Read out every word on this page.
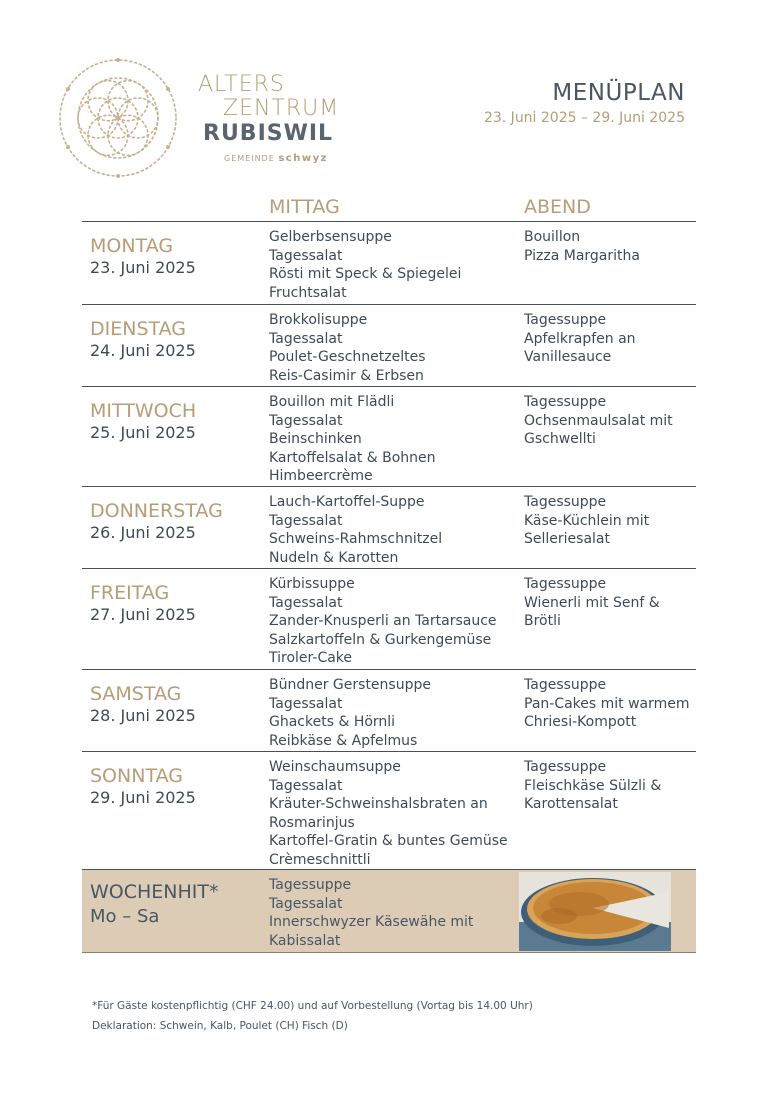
ALTERS
ZENTRUM
RUBISWIL
GEMEINDE schwyz
MENÜPLAN
23. Juni 2025 – 29. Juni 2025
MITTAG	ABEND
MONTAG
23. Juni 2025
Gelberbsensuppe
Tagessalat
Rösti mit Speck & Spiegelei
Fruchtsalat
Bouillon
Pizza Margaritha
DIENSTAG
24. Juni 2025
Brokkolisuppe
Tagessalat
Poulet-Geschnetzeltes
Reis-Casimir & Erbsen
Tagessuppe
Apfelkrapfen an
Vanillesauce
MITTWOCH
25. Juni 2025
Bouillon mit Flädli
Tagessalat
Beinschinken
Kartoffelsalat & Bohnen
Himbeercrème
Tagessuppe
Ochsenmaulsalat mit
Gschwellti
DONNERSTAG
26. Juni 2025
Lauch-Kartoffel-Suppe
Tagessalat
Schweins-Rahmschnitzel
Nudeln & Karotten
Tagessuppe
Käse-Küchlein mit
Selleriesalat
FREITAG
27. Juni 2025
Kürbissuppe
Tagessalat
Zander-Knusperli an Tartarsauce
Salzkartoffeln & Gurkengemüse
Tiroler-Cake
Tagessuppe
Wienerli mit Senf &
Brötli
SAMSTAG
28. Juni 2025
Bündner Gerstensuppe
Tagessalat
Ghackets & Hörnli
Reibkäse & Apfelmus
Tagessuppe
Pan-Cakes mit warmem
Chriesi-Kompott
SONNTAG
29. Juni 2025
Weinschaumsuppe
Tagessalat
Kräuter-Schweinshalsbraten an
Rosmarinjus
Kartoffel-Gratin & buntes Gemüse
Crèmeschnittli
Tagessuppe
Fleischkäse Sülzli &
Karottensalat
WOCHENHIT*
Mo – Sa
Tagessuppe
Tagessalat
Innerschwyzer Käsewähe mit
Kabissalat
*Für Gäste kostenpflichtig (CHF 24.00) und auf Vorbestellung (Vortag bis 14.00 Uhr)
Deklaration: Schwein, Kalb, Poulet (CH) Fisch (D)
